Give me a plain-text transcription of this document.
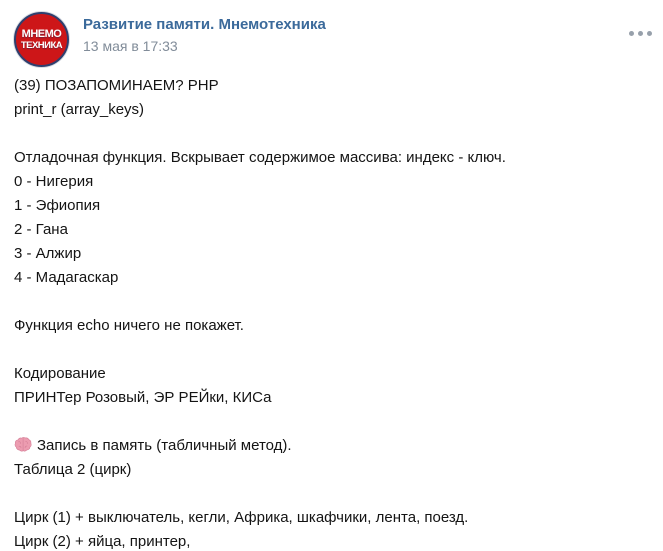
МНЕМО
ТЕХНИКА
Развитие памяти. Мнемотехника
13 мая в 17:33
(39) ПОЗАПОМИНАЕМ? PHP
print_r (array_keys)
Отладочная функция. Вскрывает содержимое массива: индекс - ключ.
0 - Нигерия
1 - Эфиопия
2 - Гана
3 - Алжир
4 - Мадагаскар
Функция echo ничего не покажет.
Кодирование
ПРИНТер Розовый, ЭР РЕЙки, КИСа
Запись в память (табличный метод).
Таблица 2 (цирк)
Цирк (1) + выключатель, кегли, Африка, шкафчики, лента, поезд.
Цирк (2) + яйца, принтер,
